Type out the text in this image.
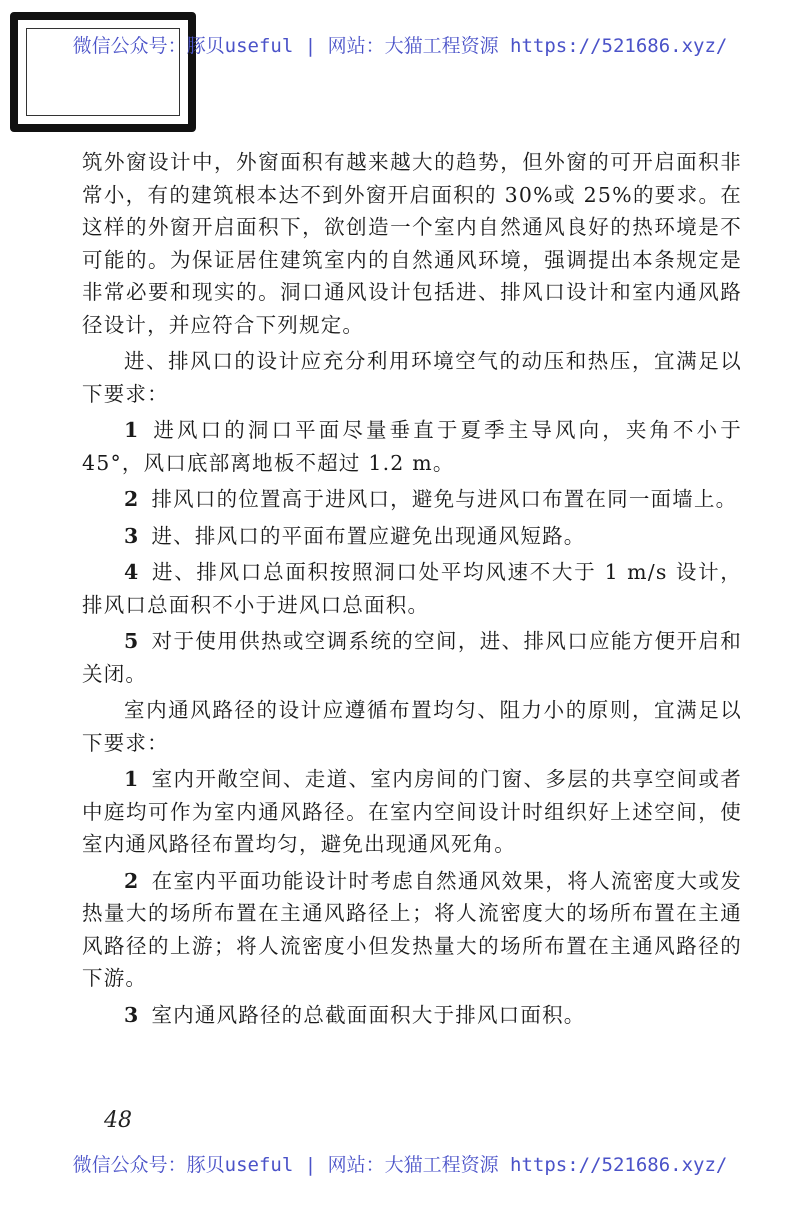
微信公众号：豚贝useful | 网站：大猫工程资源 https://521686.xyz/

筑外窗设计中，外窗面积有越来越大的趋势，但外窗的可开启面积非常小，有的建筑根本达不到外窗开启面积的 30%或 25%的要求。在这样的外窗开启面积下，欲创造一个室内自然通风良好的热环境是不可能的。为保证居住建筑室内的自然通风环境，强调提出本条规定是非常必要和现实的。洞口通风设计包括进、排风口设计和室内通风路径设计，并应符合下列规定。

进、排风口的设计应充分利用环境空气的动压和热压，宜满足以下要求：

1 进风口的洞口平面尽量垂直于夏季主导风向，夹角不小于 45°，风口底部离地板不超过 1.2 m。

2 排风口的位置高于进风口，避免与进风口布置在同一面墙上。

3 进、排风口的平面布置应避免出现通风短路。

4 进、排风口总面积按照洞口处平均风速不大于 1 m/s 设计，排风口总面积不小于进风口总面积。

5 对于使用供热或空调系统的空间，进、排风口应能方便开启和关闭。

室内通风路径的设计应遵循布置均匀、阻力小的原则，宜满足以下要求：

1 室内开敞空间、走道、室内房间的门窗、多层的共享空间或者中庭均可作为室内通风路径。在室内空间设计时组织好上述空间，使室内通风路径布置均匀，避免出现通风死角。

2 在室内平面功能设计时考虑自然通风效果，将人流密度大或发热量大的场所布置在主通风路径上；将人流密度大的场所布置在主通风路径的上游；将人流密度小但发热量大的场所布置在主通风路径的下游。

3 室内通风路径的总截面面积大于排风口面积。

48
微信公众号：豚贝useful | 网站：大猫工程资源 https://521686.xyz/
